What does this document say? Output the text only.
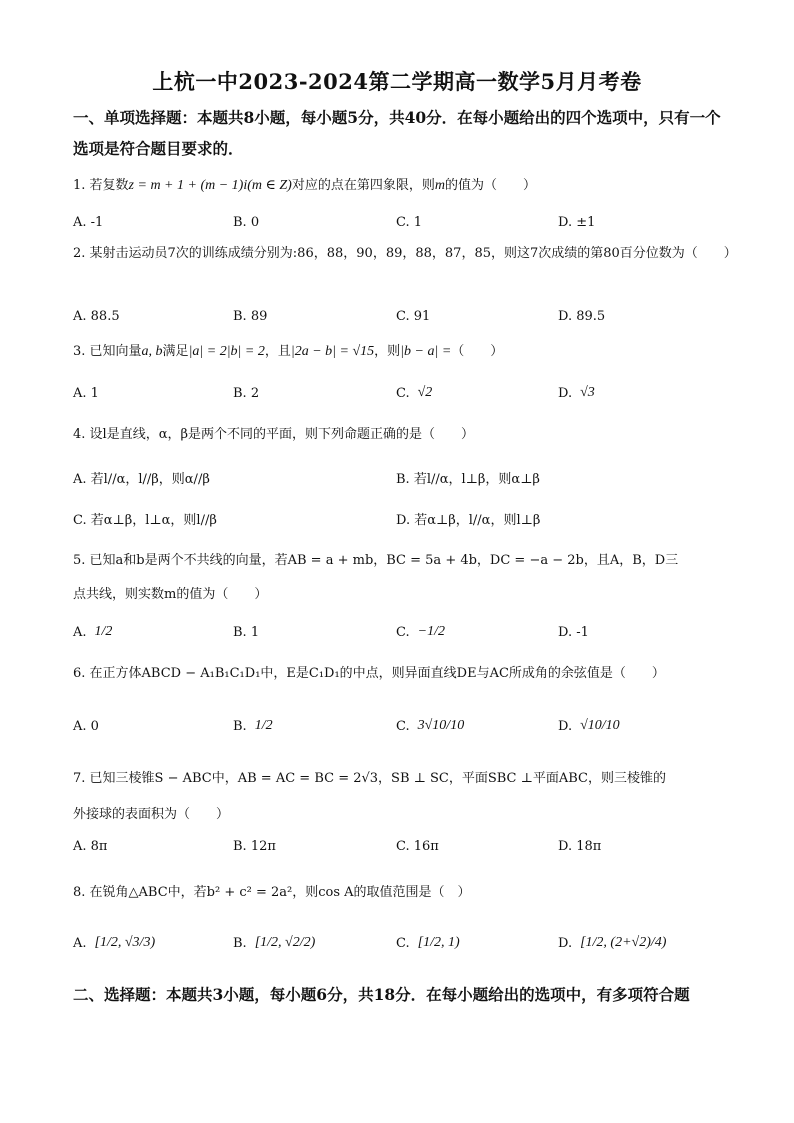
上杭一中2023-2024第二学期高一数学5月月考卷
一、单项选择题：本题共8小题，每小题5分，共40分．在每小题给出的四个选项中，只有一个选项是符合题目要求的．
1. 若复数z = m + 1 + (m − 1)i(m ∈ Z)对应的点在第四象限，则m的值为（　　）
A. -1	B. 0	C. 1	D. ±1
2. 某射击运动员7次的训练成绩分别为:86，88，90，89，88，87，85，则这7次成绩的第80百分位数为（　　）
A. 88.5	B. 89	C. 91	D. 89.5
3. 已知向量a, b满足|a| = 2|b| = 2，且|2a − b| = √15，则|b − a| =（　　）
A. 1	B. 2	C. √2	D. √3
4. 设l是直线，α，β是两个不同的平面，则下列命题正确的是（　　）
A. 若l//α，l//β，则α//β	B. 若l//α，l⊥β，则α⊥β
C. 若α⊥β，l⊥α，则l//β	D. 若α⊥β，l//α，则l⊥β
5. 已知a和b是两个不共线的向量，若AB = a + mb，BC = 5a + 4b，DC = −a − 2b，且A，B，D三
点共线，则实数m的值为（　　）
A. 1/2	B. 1	C. −1/2	D. -1
6. 在正方体ABCD − A₁B₁C₁D₁中，E是C₁D₁的中点，则异面直线DE与AC所成角的余弦值是（　　）
A. 0	B. 1/2	C. 3√10/10	D. √10/10
7. 已知三棱锥S − ABC中，AB = AC = BC = 2√3，SB ⊥ SC，平面SBC ⊥平面ABC，则三棱锥的
外接球的表面积为（　　）
A. 8π	B. 12π	C. 16π	D. 18π
8. 在锐角△ABC中，若b² + c² = 2a²，则cos A的取值范围是（　）
A. [1/2, √3/3)	B. [1/2, √2/2)	C. [1/2, 1)	D. [1/2, (2+√2)/4)
二、选择题：本题共3小题，每小题6分，共18分．在每小题给出的选项中，有多项符合题
